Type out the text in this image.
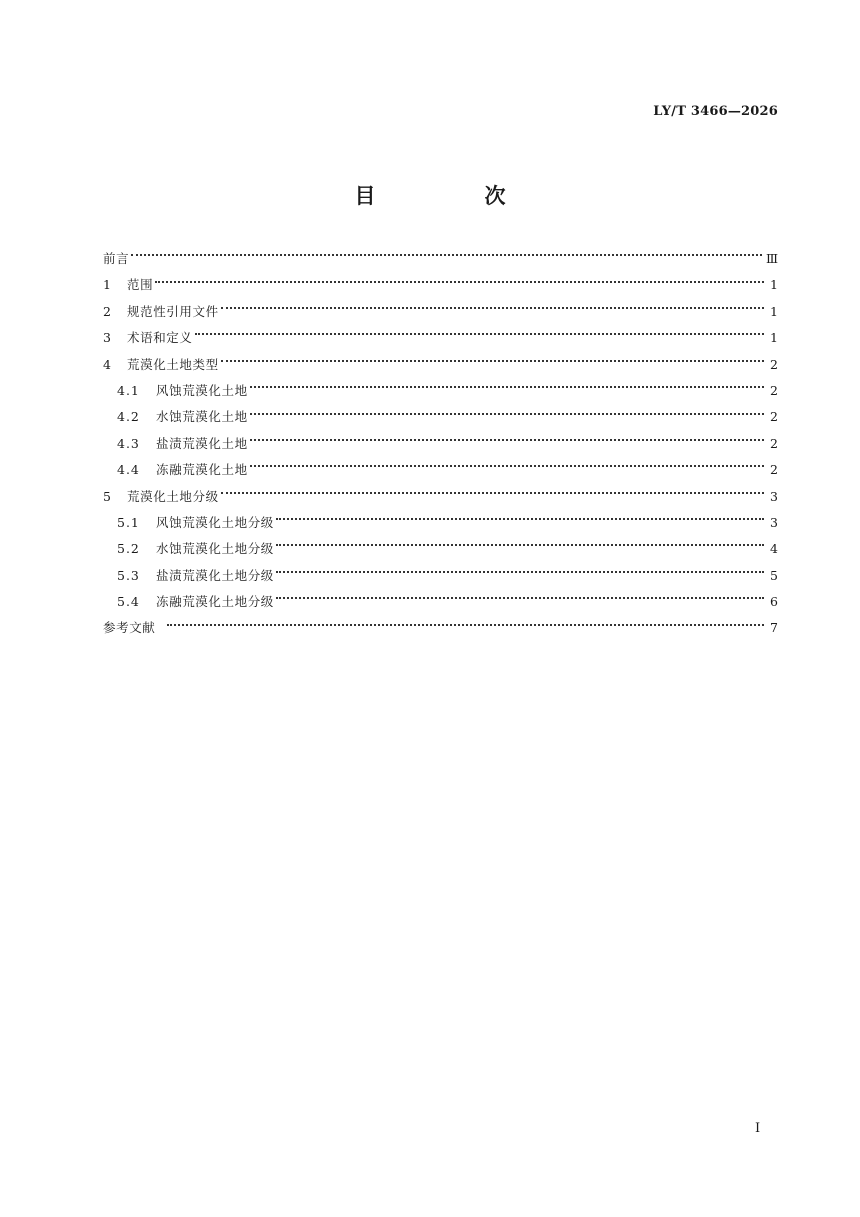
LY/T 3466—2026
目　次
前言	Ⅲ
1	范围	1
2	规范性引用文件	1
3	术语和定义	1
4	荒漠化土地类型	2
4.1	风蚀荒漠化土地	2
4.2	水蚀荒漠化土地	2
4.3	盐渍荒漠化土地	2
4.4	冻融荒漠化土地	2
5	荒漠化土地分级	3
5.1	风蚀荒漠化土地分级	3
5.2	水蚀荒漠化土地分级	4
5.3	盐渍荒漠化土地分级	5
5.4	冻融荒漠化土地分级	6
参考文献	7
I
